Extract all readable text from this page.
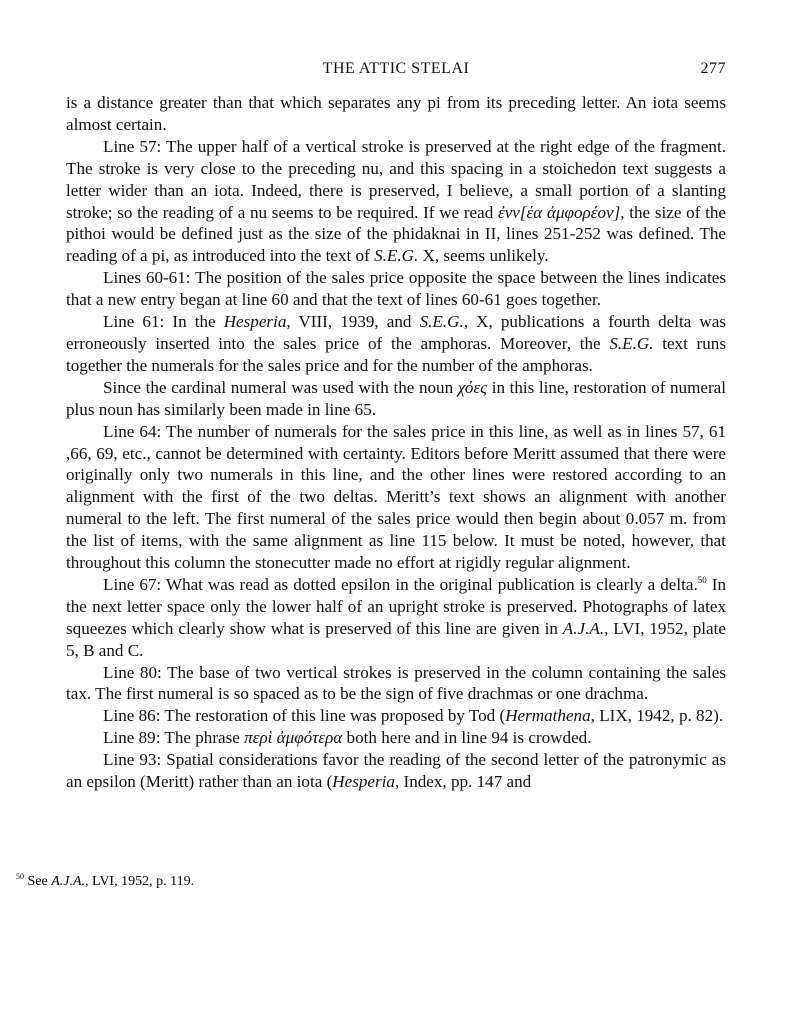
THE ATTIC STELAI	277

is a distance greater than that which separates any pi from its preceding letter. An iota seems almost certain.

Line 57: The upper half of a vertical stroke is preserved at the right edge of the fragment. The stroke is very close to the preceding nu, and this spacing in a stoichedon text suggests a letter wider than an iota. Indeed, there is preserved, I believe, a small portion of a slanting stroke; so the reading of a nu seems to be required. If we read ἐνν[έα ἀμφορέον], the size of the pithoi would be defined just as the size of the phidaknai in II, lines 251-252 was defined. The reading of a pi, as introduced into the text of S.E.G. X, seems unlikely.

Lines 60-61: The position of the sales price opposite the space between the lines indicates that a new entry began at line 60 and that the text of lines 60-61 goes together.

Line 61: In the Hesperia, VIII, 1939, and S.E.G., X, publications a fourth delta was erroneously inserted into the sales price of the amphoras. Moreover, the S.E.G. text runs together the numerals for the sales price and for the number of the amphoras.

Since the cardinal numeral was used with the noun χόες in this line, restoration of numeral plus noun has similarly been made in line 65.

Line 64: The number of numerals for the sales price in this line, as well as in lines 57, 61 ,66, 69, etc., cannot be determined with certainty. Editors before Meritt assumed that there were originally only two numerals in this line, and the other lines were restored according to an alignment with the first of the two deltas. Meritt’s text shows an alignment with another numeral to the left. The first numeral of the sales price would then begin about 0.057 m. from the list of items, with the same alignment as line 115 below. It must be noted, however, that throughout this column the stonecutter made no effort at rigidly regular alignment.

Line 67: What was read as dotted epsilon in the original publication is clearly a delta.$^{50}$ In the next letter space only the lower half of an upright stroke is preserved. Photographs of latex squeezes which clearly show what is preserved of this line are given in A.J.A., LVI, 1952, plate 5, B and C.

Line 80: The base of two vertical strokes is preserved in the column containing the sales tax. The first numeral is so spaced as to be the sign of five drachmas or one drachma.

Line 86: The restoration of this line was proposed by Tod (Hermathena, LIX, 1942, p. 82).

Line 89: The phrase περὶ ἀμφότερα both here and in line 94 is crowded.

Line 93: Spatial considerations favor the reading of the second letter of the patronymic as an epsilon (Meritt) rather than an iota (Hesperia, Index, pp. 147 and

$^{50}$ See A.J.A., LVI, 1952, p. 119.
